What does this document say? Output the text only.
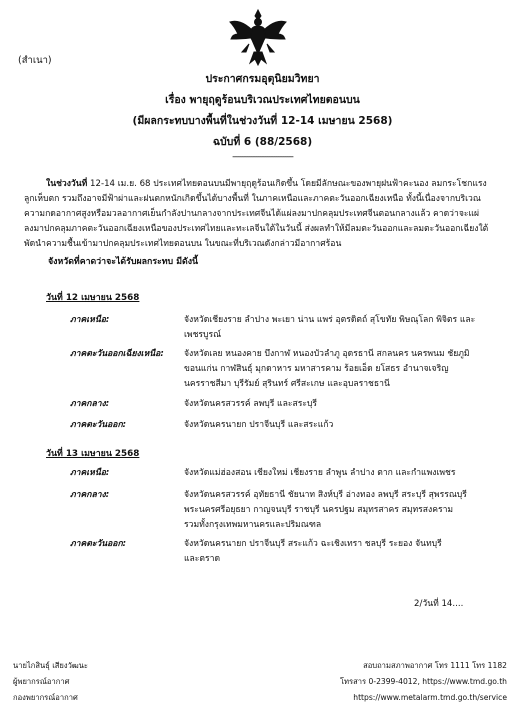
(สำเนา)
ประกาศกรมอุตุนิยมวิทยา
เรื่อง พายุฤดูร้อนบริเวณประเทศไทยตอนบน
(มีผลกระทบบางพื้นที่ในช่วงวันที่ 12-14 เมษายน 2568)
ฉบับที่ 6 (88/2568)
---------------------------

ในช่วงวันที่ 12-14 เม.ย. 68 ประเทศไทยตอนบนมีพายุฤดูร้อนเกิดขึ้น โดยมีลักษณะของพายุฝนฟ้าคะนอง ลมกระโชกแรง

ลูกเห็บตก รวมถึงอาจมีฟ้าผ่าและฝนตกหนักเกิดขึ้นได้บางพื้นที่ ในภาคเหนือและภาคตะวันออกเฉียงเหนือ ทั้งนี้เนื่องจากบริเวณ

ความกดอากาศสูงหรือมวลอากาศเย็นกำลังปานกลางจากประเทศจีนได้แผ่ลงมาปกคลุมประเทศจีนตอนกลางแล้ว คาดว่าจะแผ่

ลงมาปกคลุมภาคตะวันออกเฉียงเหนือของประเทศไทยและทะเลจีนใต้ในวันนี้ ส่งผลทำให้มีลมตะวันออกและลมตะวันออกเฉียงใต้

พัดนำความชื้นเข้ามาปกคลุมประเทศไทยตอนบน ในขณะที่บริเวณดังกล่าวมีอากาศร้อน

จังหวัดที่คาดว่าจะได้รับผลกระทบ มีดังนี้
วันที่ 12 เมษายน 2568
ภาคเหนือ:	จังหวัดเชียงราย ลำปาง พะเยา น่าน แพร่ อุตรดิตถ์ สุโขทัย พิษณุโลก พิจิตร และ
เพชรบูรณ์
ภาคตะวันออกเฉียงเหนือ: จังหวัดเลย หนองคาย บึงกาฬ หนองบัวลำภู อุดรธานี สกลนคร นครพนม ชัยภูมิ
ขอนแก่น กาฬสินธุ์ มุกดาหาร มหาสารคาม ร้อยเอ็ด ยโสธร อำนาจเจริญ
นครราชสีมา บุรีรัมย์ สุรินทร์ ศรีสะเกษ และอุบลราชธานี
ภาคกลาง:	จังหวัดนครสวรรค์ ลพบุรี และสระบุรี
ภาคตะวันออก:	จังหวัดนครนายก ปราจีนบุรี และสระแก้ว
วันที่ 13 เมษายน 2568
ภาคเหนือ:	จังหวัดแม่ฮ่องสอน เชียงใหม่ เชียงราย ลำพูน ลำปาง ตาก และกำแพงเพชร
ภาคกลาง:	จังหวัดนครสวรรค์ อุทัยธานี ชัยนาท สิงห์บุรี อ่างทอง ลพบุรี สระบุรี สุพรรณบุรี
พระนครศรีอยุธยา กาญจนบุรี ราชบุรี นครปฐม สมุทรสาคร สมุทรสงคราม
รวมทั้งกรุงเทพมหานครและปริมณฑล
ภาคตะวันออก:	จังหวัดนครนายก ปราจีนบุรี สระแก้ว ฉะเชิงเทรา ชลบุรี ระยอง จันทบุรี
และตราด
2/วันที่ 14....
นายไกสินธุ์ เสียงวัฒนะ
ผู้พยากรณ์อากาศ
กองพยากรณ์อากาศ
สอบถามสภาพอากาศ โทร 1111 โทร 1182
โทรสาร 0-2399-4012, https://www.tmd.go.th
https://www.metalarm.tmd.go.th/service
